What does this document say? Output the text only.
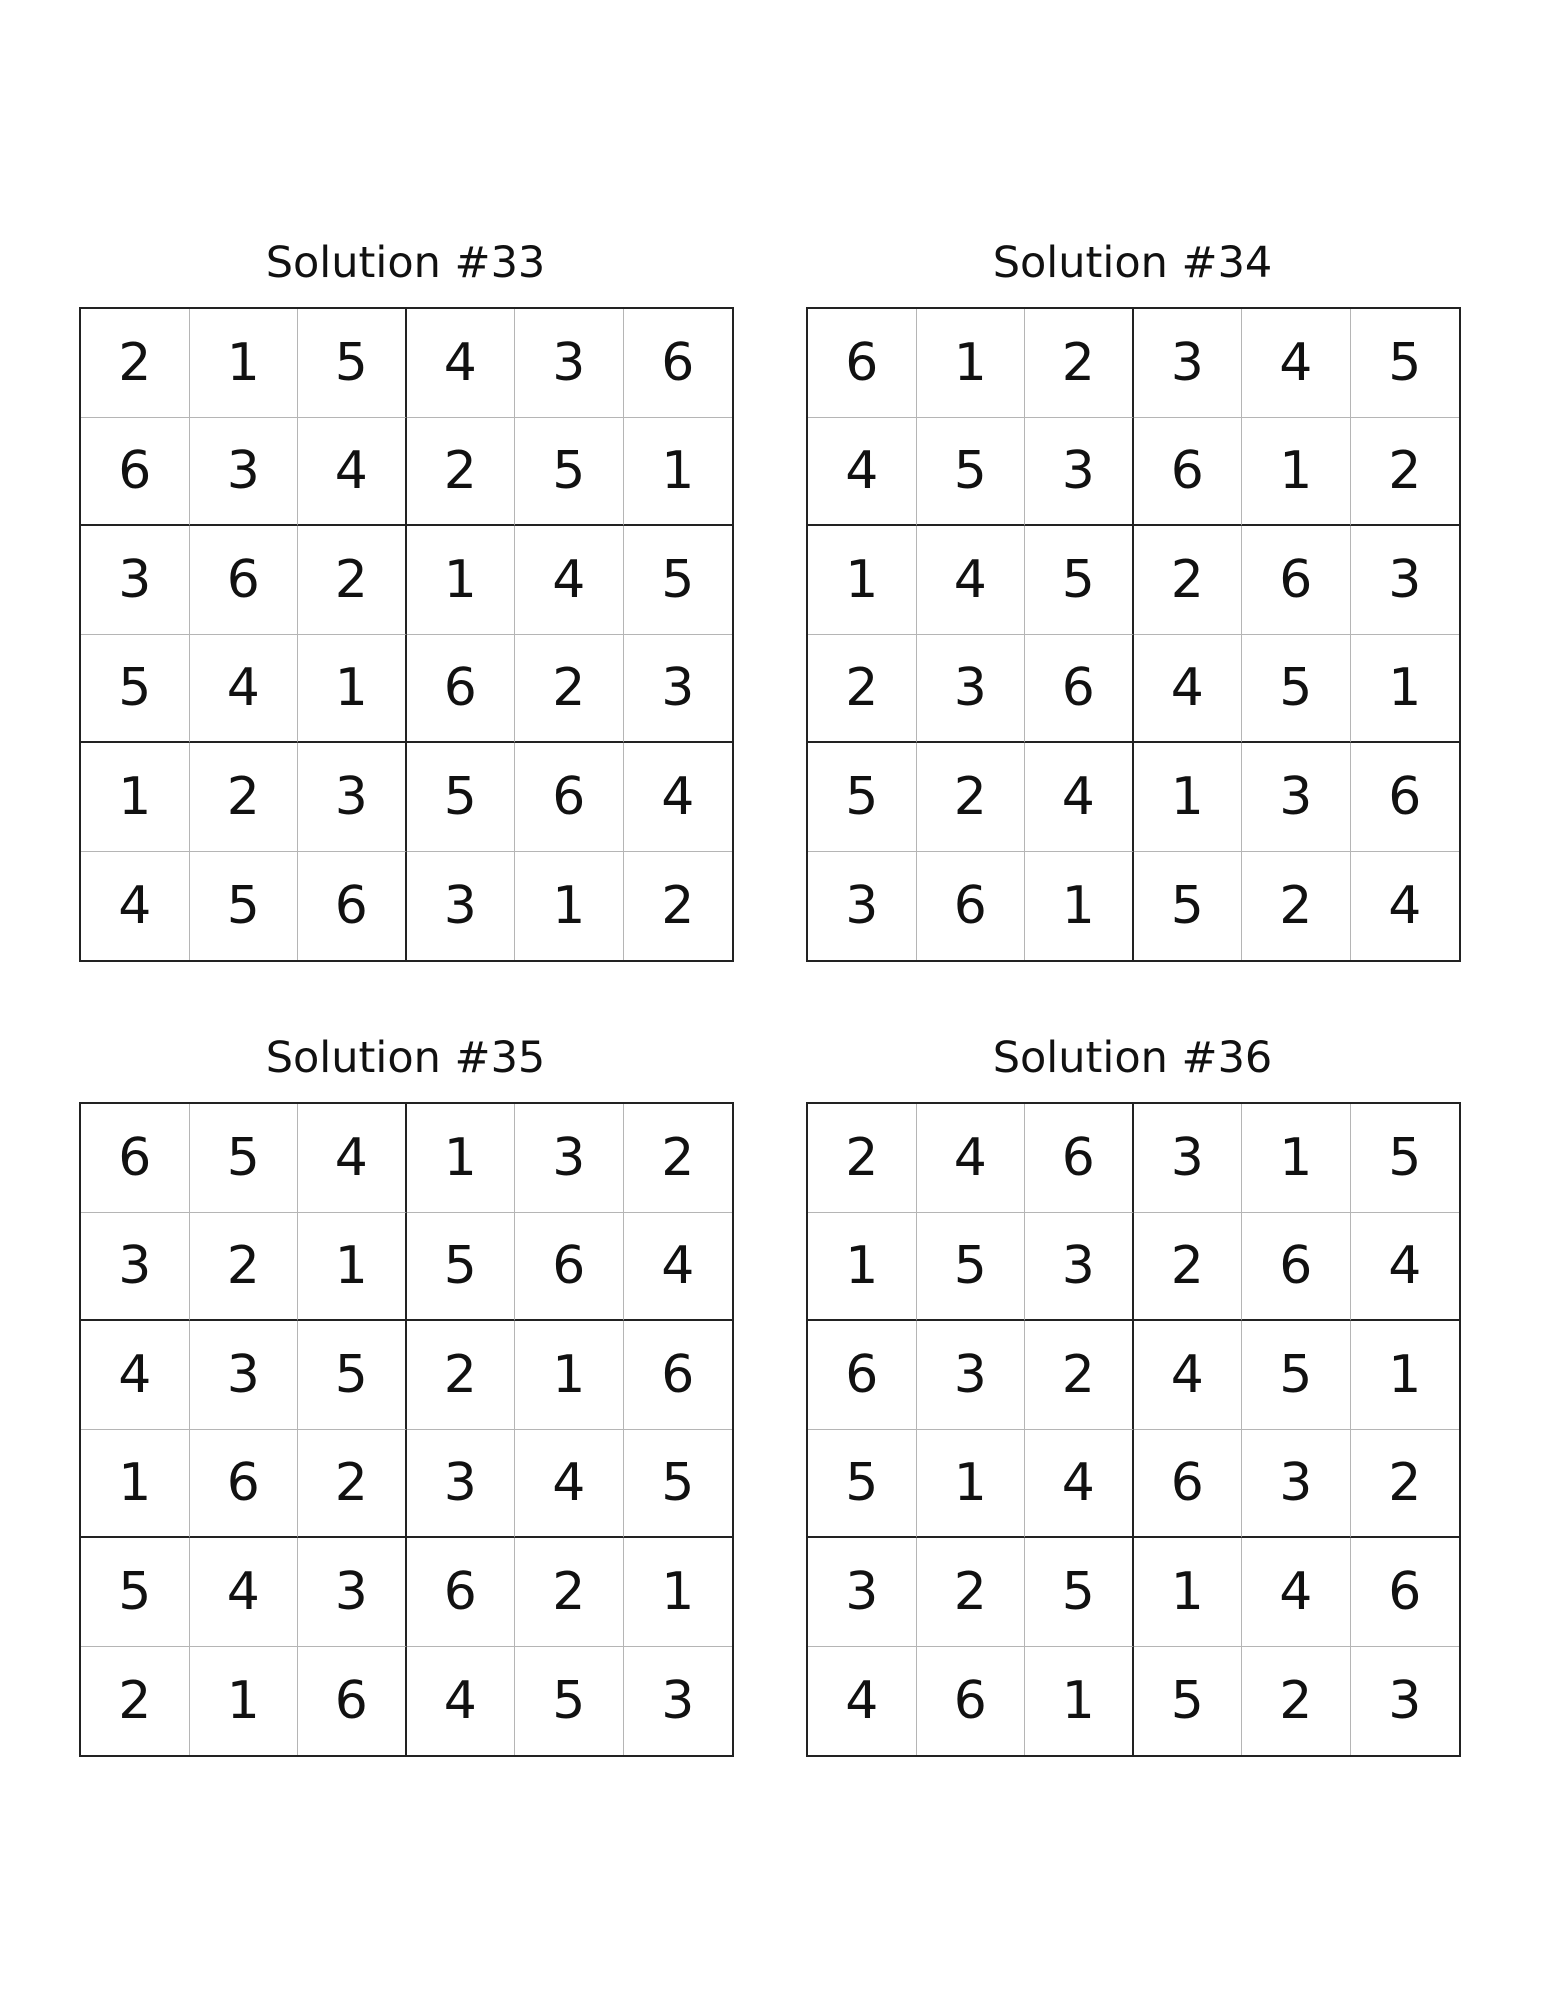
Solution #33
2	1	5	4	3	6
6	3	4	2	5	1
3	6	2	1	4	5
5	4	1	6	2	3
1	2	3	5	6	4
4	5	6	3	1	2
Solution #34
6	1	2	3	4	5
4	5	3	6	1	2
1	4	5	2	6	3
2	3	6	4	5	1
5	2	4	1	3	6
3	6	1	5	2	4
Solution #35
6	5	4	1	3	2
3	2	1	5	6	4
4	3	5	2	1	6
1	6	2	3	4	5
5	4	3	6	2	1
2	1	6	4	5	3
Solution #36
2	4	6	3	1	5
1	5	3	2	6	4
6	3	2	4	5	1
5	1	4	6	3	2
3	2	5	1	4	6
4	6	1	5	2	3
